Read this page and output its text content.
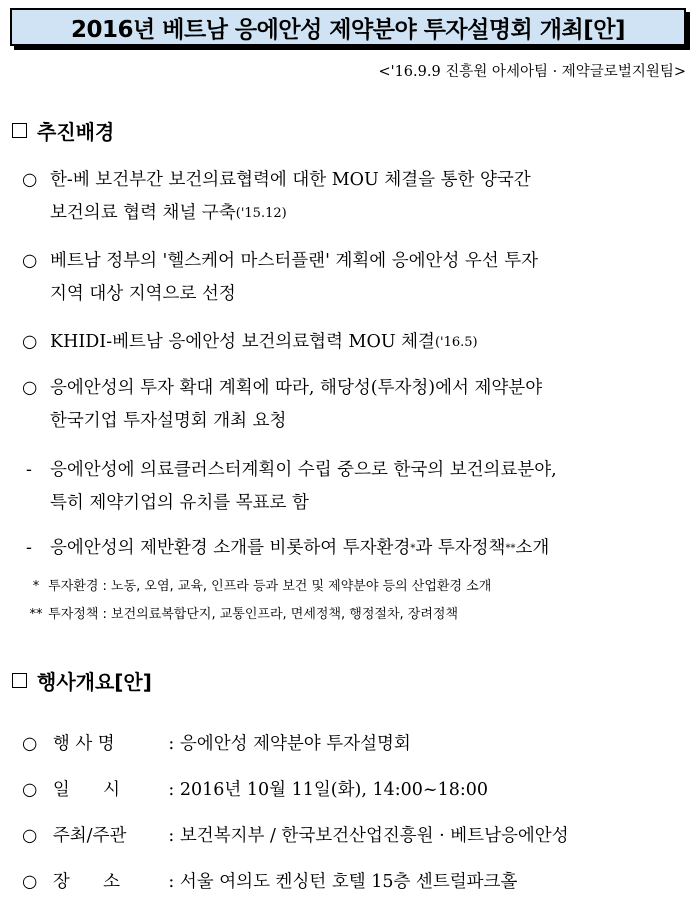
2016년 베트남 응에안성 제약분야 투자설명회 개최[안]
<'16.9.9 진흥원 아세아팀 · 제약글로벌지원팀>
추진배경
○ 한-베 보건부간 보건의료협력에 대한 MOU 체결을 통한 양국간
보건의료 협력 채널 구축 ('15.12)
○ 베트남 정부의 '헬스케어 마스터플랜' 계획에 응에안성 우선 투자
지역 대상 지역으로 선정
○ KHIDI-베트남 응에안성 보건의료협력 MOU 체결 ('16.5)
○ 응에안성의 투자 확대 계획에 따라, 해당성(투자청)에서 제약분야
한국기업 투자설명회 개최 요청
-	응에안성에 의료클러스터계획이 수립 중으로 한국의 보건의료분야,
특히 제약기업의 유치를 목표로 함
- 응에안성의 제반환경 소개를 비롯하여 투자환경 * 과 투자정책 ** 소개
* 투자환경 : 노동, 오염, 교육, 인프라 등과 보건 및 제약분야 등의 산업환경 소개
** 투자정책 : 보건의료복합단지, 교통인프라, 면세정책, 행정절차, 장려정책
행사개요[안]
○ 행 사 명	: 응에안성 제약분야 투자설명회
○ 일      시 : 2016년 10월 11일(화), 14:00~18:00
○ 주최/주관 : 보건복지부 / 한국보건산업진흥원 · 베트남응에안성
○ 장      소 : 서울 여의도 켄싱턴 호텔 15층 센트럴파크홀
